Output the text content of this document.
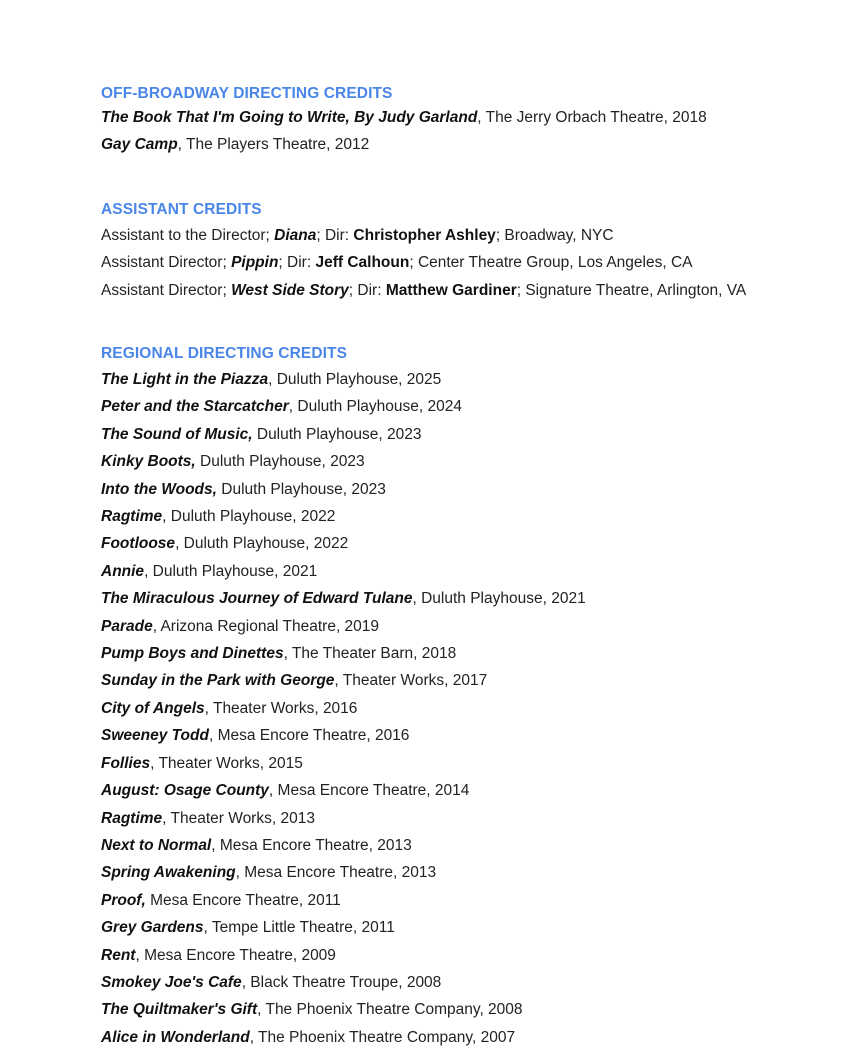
OFF-BROADWAY DIRECTING CREDITS
The Book That I'm Going to Write, By Judy Garland, The Jerry Orbach Theatre, 2018
Gay Camp, The Players Theatre, 2012
ASSISTANT CREDITS
Assistant to the Director; Diana; Dir: Christopher Ashley; Broadway, NYC
Assistant Director; Pippin; Dir: Jeff Calhoun; Center Theatre Group, Los Angeles, CA
Assistant Director; West Side Story; Dir: Matthew Gardiner; Signature Theatre, Arlington, VA
REGIONAL DIRECTING CREDITS
The Light in the Piazza, Duluth Playhouse, 2025
Peter and the Starcatcher, Duluth Playhouse, 2024
The Sound of Music, Duluth Playhouse, 2023
Kinky Boots, Duluth Playhouse, 2023
Into the Woods, Duluth Playhouse, 2023
Ragtime, Duluth Playhouse, 2022
Footloose, Duluth Playhouse, 2022
Annie, Duluth Playhouse, 2021
The Miraculous Journey of Edward Tulane, Duluth Playhouse, 2021
Parade, Arizona Regional Theatre, 2019
Pump Boys and Dinettes, The Theater Barn, 2018
Sunday in the Park with George, Theater Works, 2017
City of Angels, Theater Works, 2016
Sweeney Todd, Mesa Encore Theatre, 2016
Follies, Theater Works, 2015
August: Osage County, Mesa Encore Theatre, 2014
Ragtime, Theater Works, 2013
Next to Normal, Mesa Encore Theatre, 2013
Spring Awakening, Mesa Encore Theatre, 2013
Proof, Mesa Encore Theatre, 2011
Grey Gardens, Tempe Little Theatre, 2011
Rent, Mesa Encore Theatre, 2009
Smokey Joe's Cafe, Black Theatre Troupe, 2008
The Quiltmaker's Gift, The Phoenix Theatre Company, 2008
Alice in Wonderland, The Phoenix Theatre Company, 2007
